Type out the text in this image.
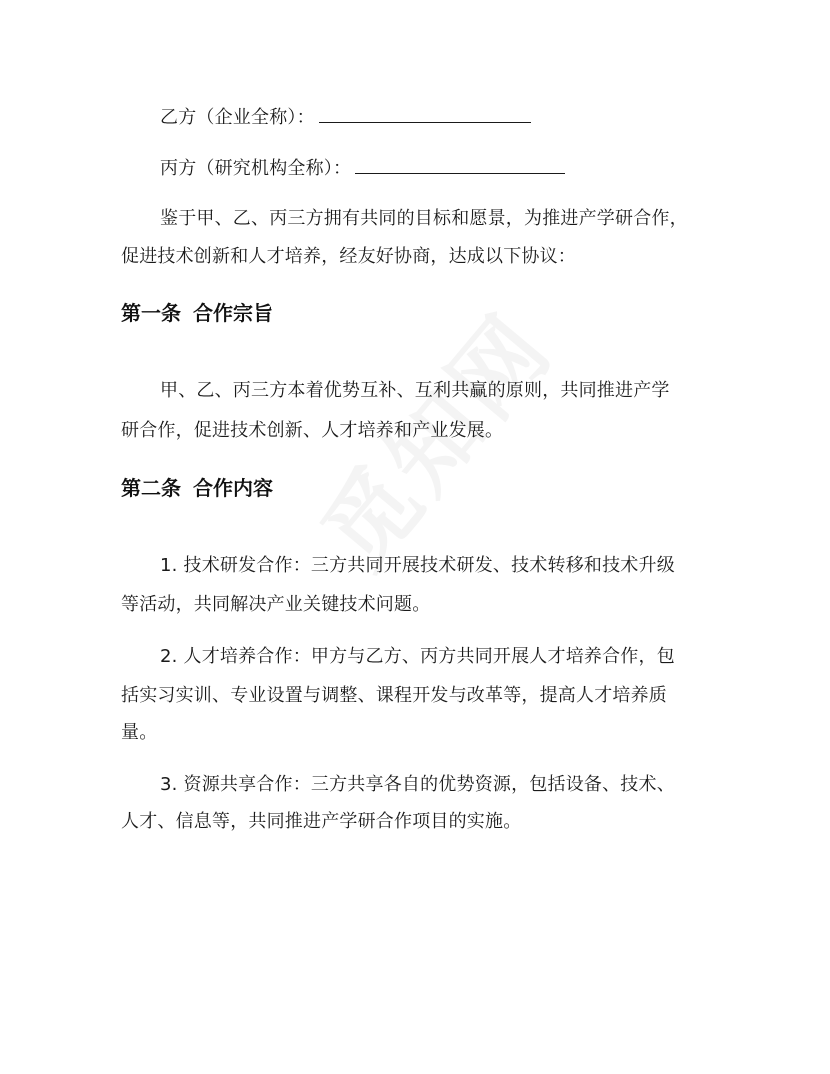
乙方（企业全称）：
丙方（研究机构全称）：
鉴于甲、乙、丙三方拥有共同的目标和愿景，为推进产学研合作，
促进技术创新和人才培养，经友好协商，达成以下协议：
第一条 合作宗旨
甲、乙、丙三方本着优势互补、互利共赢的原则，共同推进产学
研合作，促进技术创新、人才培养和产业发展。
第二条 合作内容
1. 技术研发合作：三方共同开展技术研发、技术转移和技术升级
等活动，共同解决产业关键技术问题。
2. 人才培养合作：甲方与乙方、丙方共同开展人才培养合作，包
括实习实训、专业设置与调整、课程开发与改革等，提高人才培养质
量。
3. 资源共享合作：三方共享各自的优势资源，包括设备、技术、
人才、信息等，共同推进产学研合作项目的实施。
